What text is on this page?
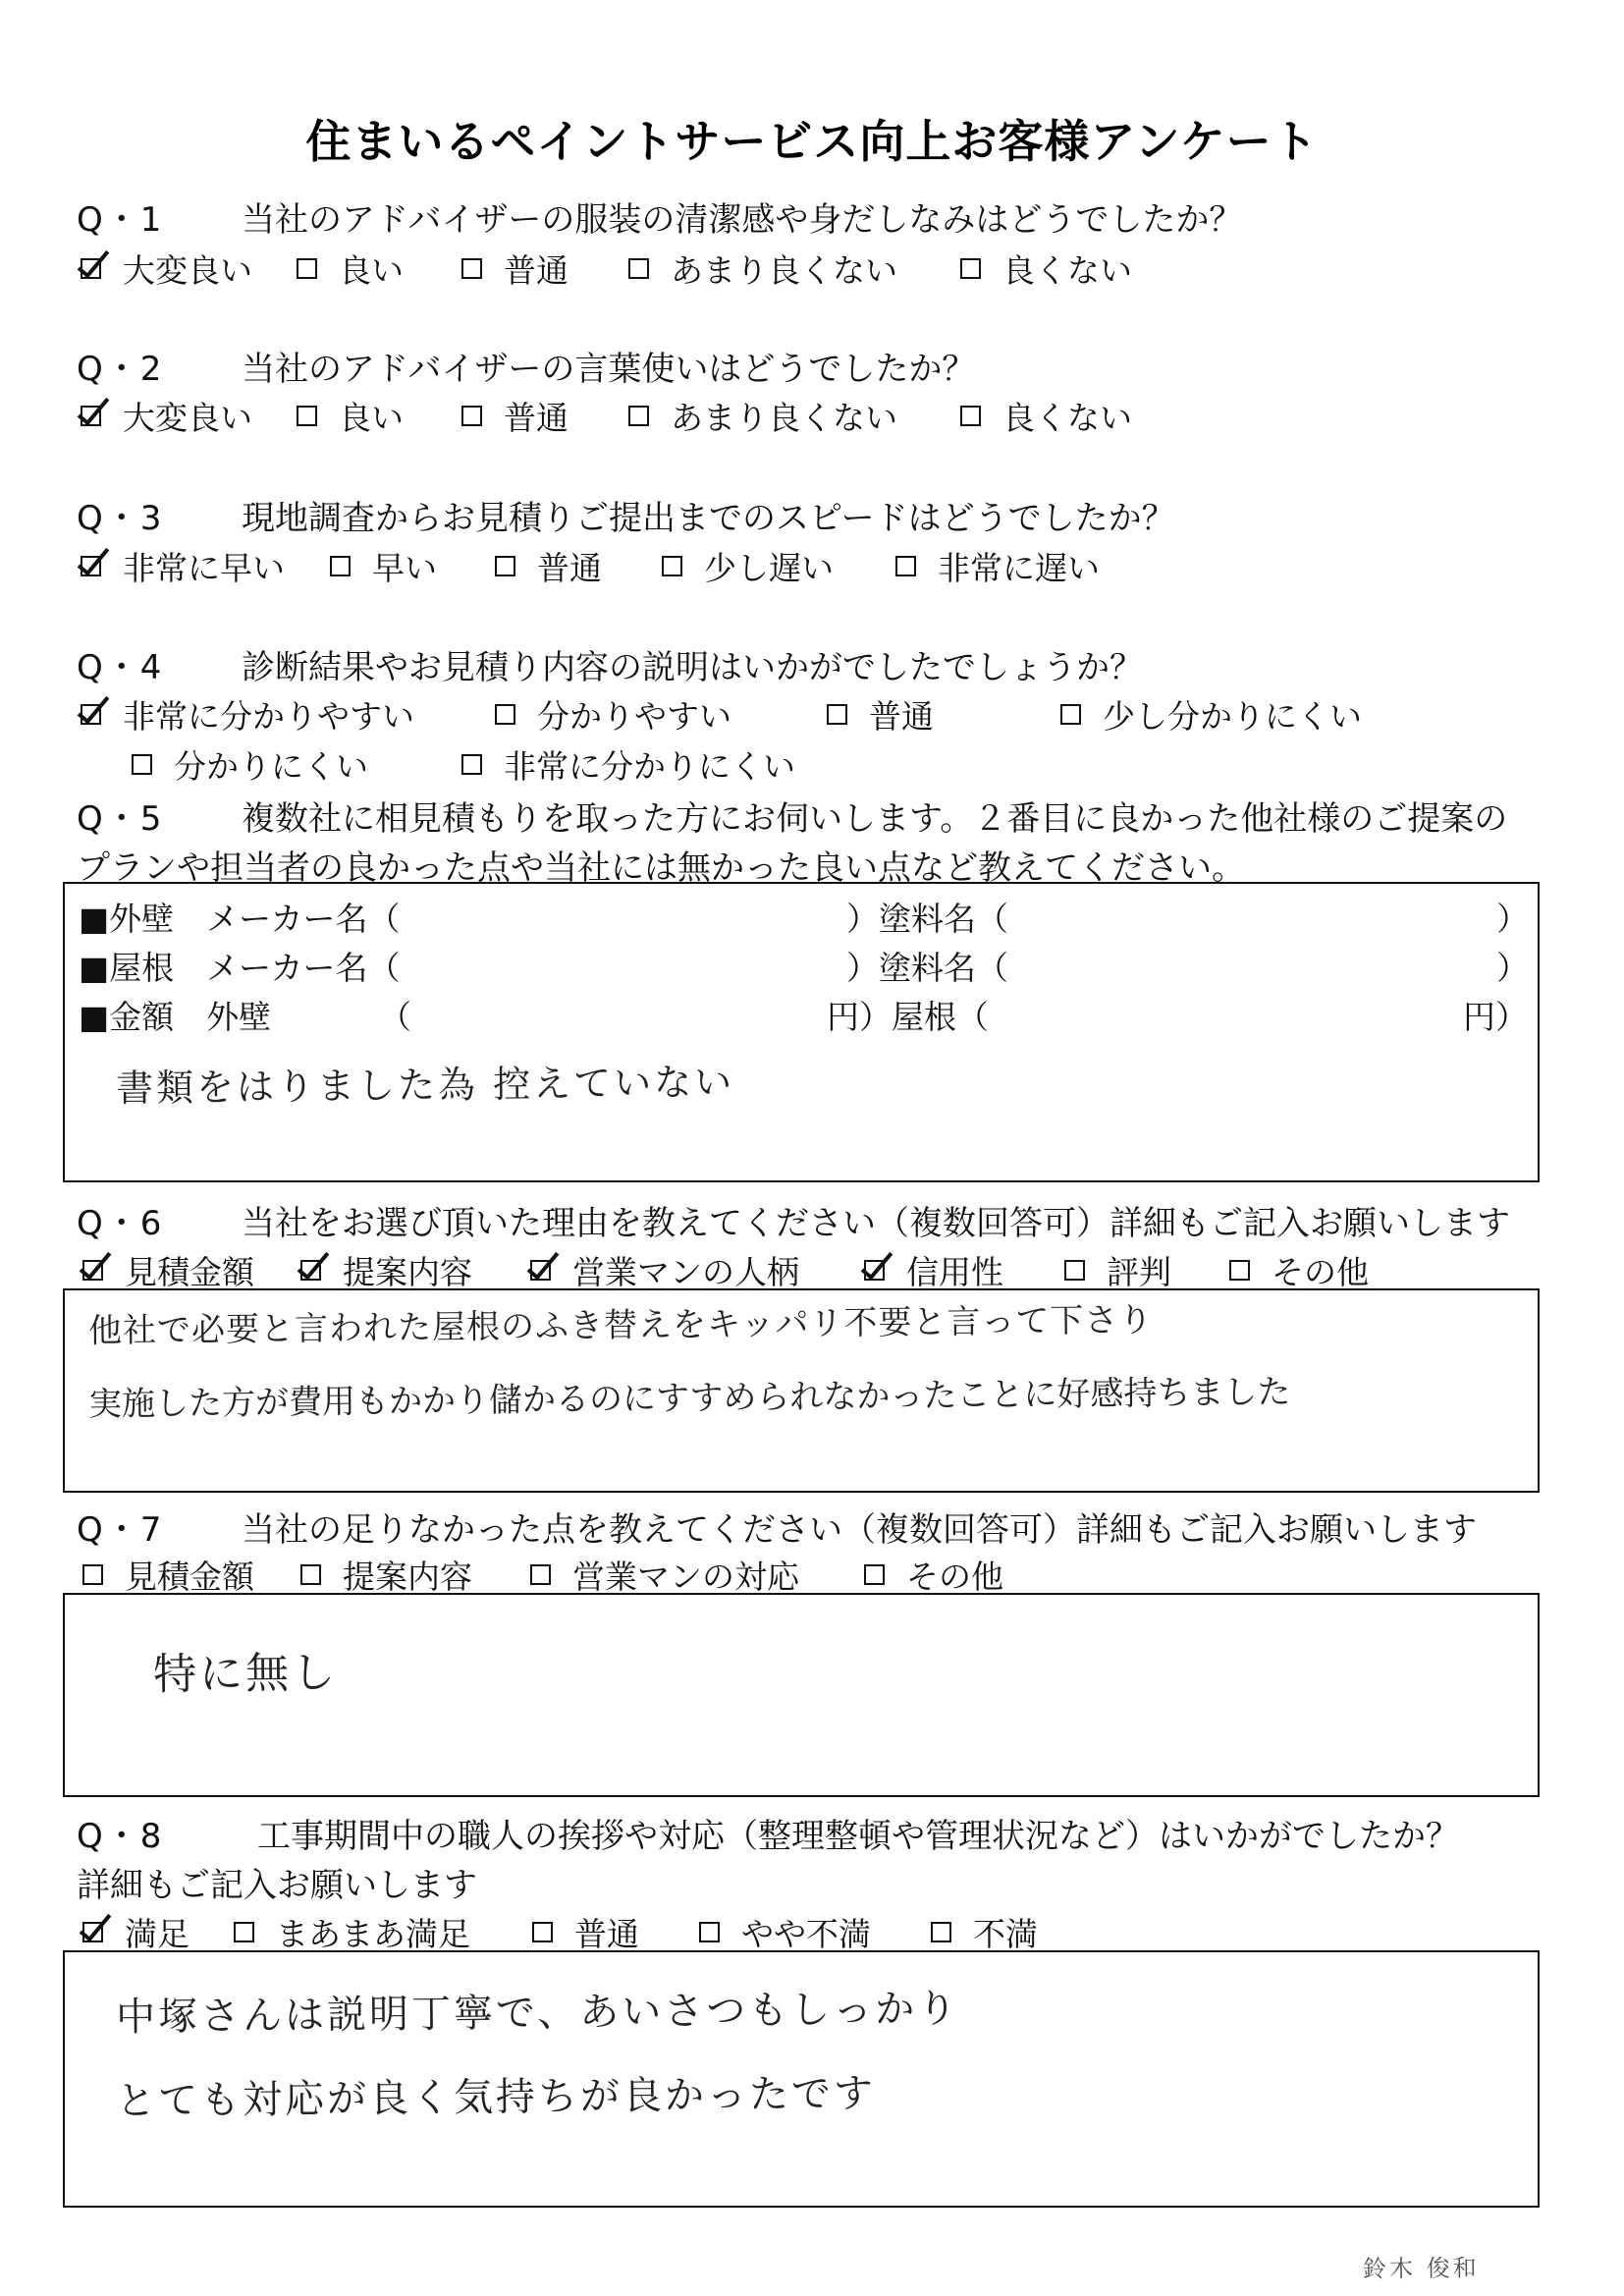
住まいるペイントサービス向上お客様アンケート
Q・1 当社のアドバイザーの服装の清潔感や身だしなみはどうでしたか？
大変良い	良い	普通	あまり良くない	良くない
Q・2 当社のアドバイザーの言葉使いはどうでしたか？
大変良い	良い	普通	あまり良くない	良くない
Q・3 現地調査からお見積りご提出までのスピードはどうでしたか？
非常に早い	早い	普通	少し遅い	非常に遅い
Q・4 診断結果やお見積り内容の説明はいかがでしたでしょうか？
非常に分かりやすい	分かりやすい	普通	少し分かりにくい
分かりにくい	非常に分かりにくい
Q・5 複数社に相見積もりを取った方にお伺いします。２番目に良かった他社様のご提案の
プランや担当者の良かった点や当社には無かった良い点など教えてください。
■外壁　メーカー名（	）塗料名（	）
■屋根　メーカー名（	）塗料名（	）
■金額　外壁	（	円）屋根（	円）
書類をはりました為 控えていない
Q・6 当社をお選び頂いた理由を教えてください（複数回答可）詳細もご記入お願いします
見積金額	提案内容	営業マンの人柄	信用性	評判	その他
他社で必要と言われた屋根のふき替えをキッパリ不要と言って下さり
実施した方が費用もかかり儲かるのにすすめられなかったことに好感持ちました
Q・7 当社の足りなかった点を教えてください（複数回答可）詳細もご記入お願いします
見積金額	提案内容	営業マンの対応	その他
特に無し
Q・8	工事期間中の職人の挨拶や対応（整理整頓や管理状況など）はいかがでしたか？
詳細もご記入お願いします
満足	まあまあ満足	普通	やや不満	不満
中塚さんは説明丁寧で、あいさつもしっかり
とても対応が良く気持ちが良かったです
鈴木 俊和
